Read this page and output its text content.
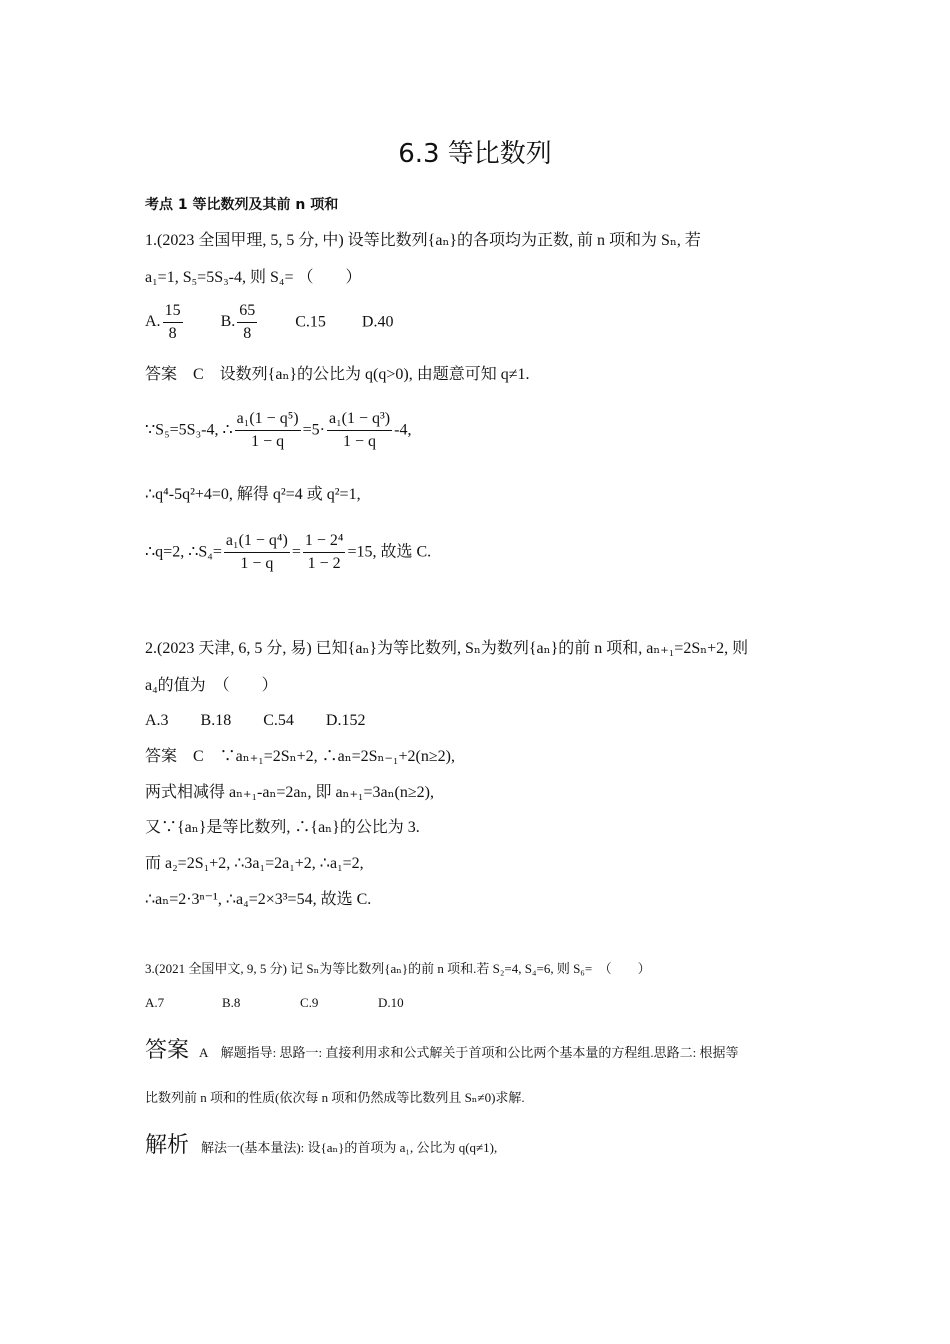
6.3 等比数列
考点 1 等比数列及其前 n 项和
1.(2023 全国甲理, 5, 5 分, 中) 设等比数列{aₙ}的各项均为正数, 前 n 项和为 Sₙ, 若
a₁=1, S₅=5S₃-4, 则 S₄= （　　）
A. $\frac{15}{8} B$. $\frac{65}{8} C.15$ D.40
答案　C　设数列{aₙ}的公比为 q(q>0), 由题意可知 q≠1.
∵S₅=5S₃-4, ∴ $\frac{\text{a₁(1 − q⁵)}}{1 - q} =5\cdot \frac{\text{a₁(1 − q³)}}{1 - q} -4$,
∴q⁴-5q²+4=0, 解得 q²=4 或 q²=1,
∴q=2, ∴S₄= $\frac{\text{a₁(1 − q⁴)}}{1 - q} = \frac{\text{1 − 2⁴}}{1 - 2} =15$, 故选 C.
2.(2023 天津, 6, 5 分, 易) 已知{aₙ}为等比数列, Sₙ为数列{aₙ}的前 n 项和, aₙ₊₁=2Sₙ+2, 则
a₄的值为　（　　）
A.3　　B.18　　C.54　　D.152
答案　C　∵aₙ₊₁=2Sₙ+2, ∴aₙ=2Sₙ₋₁+2(n≥2),
两式相减得 aₙ₊₁-aₙ=2aₙ, 即 aₙ₊₁=3aₙ(n≥2),
又∵{aₙ}是等比数列, ∴{aₙ}的公比为 3.
而 a₂=2S₁+2, ∴3a₁=2a₁+2, ∴a₁=2,
∴aₙ=2·3ⁿ⁻¹, ∴a₄=2×3³=54, 故选 C.
3.(2021 全国甲文, 9, 5 分) 记 Sₙ为等比数列{aₙ}的前 n 项和.若 S₂=4, S₄=6, 则 S₆=　（　　）
A.7	B.8	C.9	D.10
答案 A　解题指导: 思路一: 直接利用求和公式解关于首项和公比两个基本量的方程组.思路二: 根据等
比数列前 n 项和的性质(依次每 n 项和仍然成等比数列且 Sₙ≠0)求解.
解析 解法一(基本量法): 设{aₙ}的首项为 a₁, 公比为 q(q≠1),
